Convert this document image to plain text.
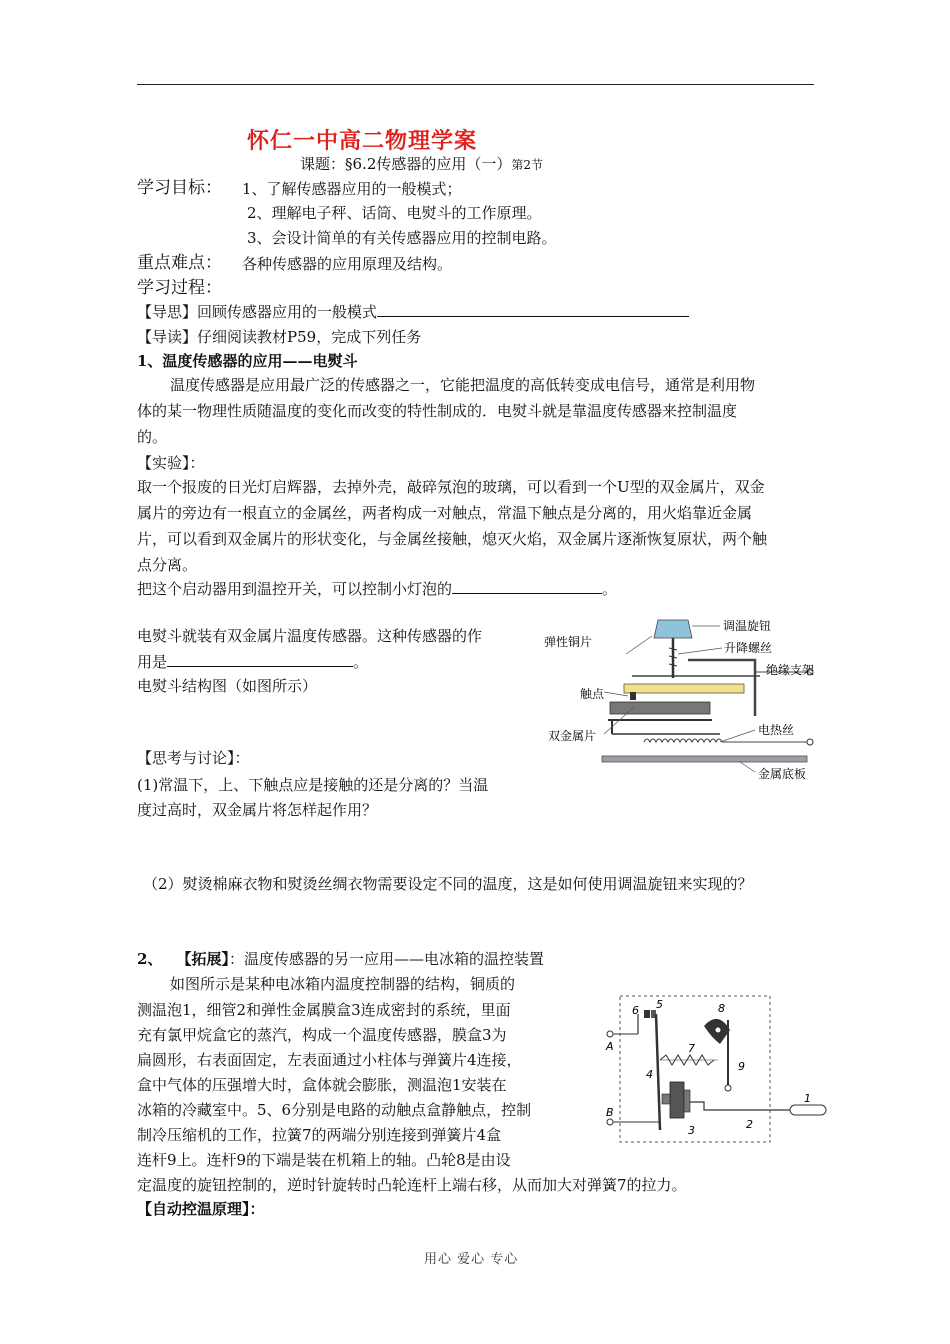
怀仁一中高二物理学案
课题：§6.2传感器的应用（一）第2节
学习目标： 1、了解传感器应用的一般模式；
2、理解电子秤、话筒、电熨斗的工作原理。
3、会设计简单的有关传感器应用的控制电路。
重点难点： 各种传感器的应用原理及结构。
学习过程：
【导思】回顾传感器应用的一般模式
【导读】仔细阅读教材P59，完成下列任务
1、温度传感器的应用——电熨斗
温度传感器是应用最广泛的传感器之一，它能把温度的高低转变成电信号，通常是利用物
体的某一物理性质随温度的变化而改变的特性制成的．电熨斗就是靠温度传感器来控制温度
的。
【实验】：
取一个报废的日光灯启辉器，去掉外壳，敲碎氖泡的玻璃，可以看到一个U型的双金属片，双金
属片的旁边有一根直立的金属丝，两者构成一对触点，常温下触点是分离的，用火焰靠近金属
片，可以看到双金属片的形状变化，与金属丝接触，熄灭火焰，双金属片逐渐恢复原状，两个触
点分离。
把这个启动器用到温控开关，可以控制小灯泡的	。
电熨斗就装有双金属片温度传感器。这种传感器的作
用是	。
电熨斗结构图（如图所示）
【思考与讨论】：
(1)常温下，上、下触点应是接触的还是分离的？当温
度过高时，双金属片将怎样起作用？
（2）熨烫棉麻衣物和熨烫丝绸衣物需要设定不同的温度，这是如何使用调温旋钮来实现的？
调温旋钮
弹性铜片	升降螺丝
绝缘支架
触点
双金属片	电热丝
金属底板
2、 【拓展】：温度传感器的另一应用——电冰箱的温控装置
如图所示是某种电冰箱内温度控制器的结构，铜质的
测温泡1，细管2和弹性金属膜盒3连成密封的系统，里面
充有氯甲烷盒它的蒸汽，构成一个温度传感器，膜盒3为
扁圆形，右表面固定，左表面通过小柱体与弹簧片4连接，
盒中气体的压强增大时，盒体就会膨胀，测温泡1安装在
冰箱的冷藏室中。5、6分别是电路的动触点盒静触点，控制
制冷压缩机的工作，拉簧7的两端分别连接到弹簧片4盒
连杆9上。连杆9的下端是装在机箱上的轴。凸轮8是由设
定温度的旋钮控制的，逆时针旋转时凸轮连杆上端右移，从而加大对弹簧7的拉力。
【自动控温原理】：
6 5	8
7
9
4
3	2
1
A
B
用心 爱心 专心
